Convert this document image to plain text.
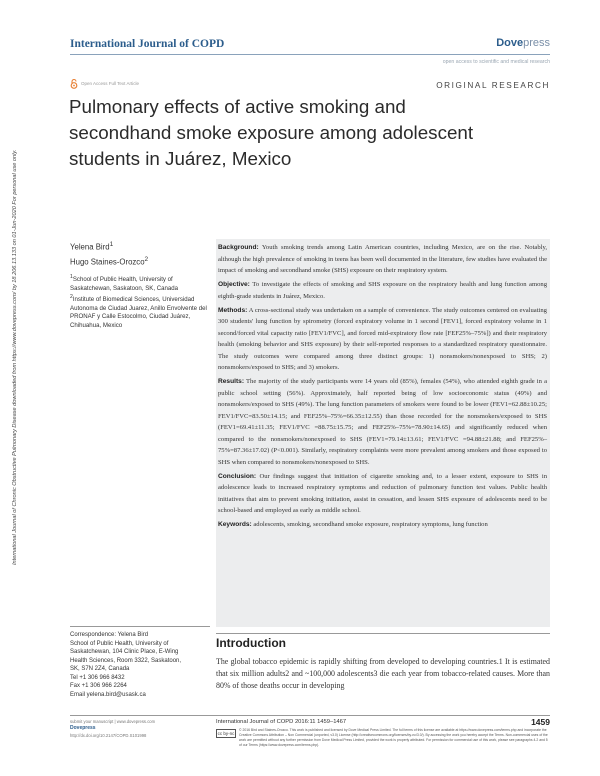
International Journal of COPD	Dovepress
open access to scientific and medical research
Open Access Full Text Article	ORIGINAL RESEARCH
Pulmonary effects of active smoking and secondhand smoke exposure among adolescent students in Juárez, Mexico
International Journal of Chronic Obstructive Pulmonary Disease downloaded from https://www.dovepress.com/ by 18.206.13.133 on 01-Jun-2020 For personal use only.	Yelena Bird$^1$
Hugo Staines-Orozco$^2$
$^1$School of Public Health, University of Saskatchewan, Saskatoon, SK, Canada
$^2$Institute of Biomedical Sciences, Universidad Autonoma de Ciudad Juarez, Anillo Envolvente del PRONAF y Calle Estocolmo, Ciudad Juárez, Chihuahua, Mexico

Background: Youth smoking trends among Latin American countries, including Mexico, are on the rise. Notably, although the high prevalence of smoking in teens has been well documented in the literature, few studies have evaluated the impact of smoking and secondhand smoke (SHS) exposure on their respiratory system.

Objective: To investigate the effects of smoking and SHS exposure on the respiratory health and lung function among eighth-grade students in Juárez, Mexico.

Methods: A cross-sectional study was undertaken on a sample of convenience. The study outcomes centered on evaluating 300 students' lung function by spirometry (forced expiratory volume in 1 second [FEV1], forced expiratory volume in 1 second/forced vital capacity ratio [FEV1/FVC], and forced mid-expiratory flow rate [FEF25%–75%]) and their respiratory health (smoking behavior and SHS exposure) by their self-reported responses to a standardized respiratory questionnaire. The study outcomes were compared among three distinct groups: 1) nonsmokers/nonexposed to SHS; 2) nonsmokers/exposed to SHS; and 3) smokers.

Results: The majority of the study participants were 14 years old (85%), females (54%), who attended eighth grade in a public school setting (56%). Approximately, half reported being of low socioeconomic status (49%) and nonsmokers/exposed to SHS (49%). The lung function parameters of smokers were found to be lower (FEV1=62.88±10.25; FEV1/FVC=83.50±14.15; and FEF25%–75%=66.35±12.55) than those recorded for the nonsmokers/exposed to SHS (FEV1=69.41±11.35; FEV1/FVC =88.75±15.75; and FEF25%–75%=78.90±14.65) and significantly reduced when compared to the nonsmokers/nonexposed to SHS (FEV1=79.14±13.61; FEV1/FVC =94.88±21.88; and FEF25%–75%=87.36±17.02) (P<0.001). Similarly, respiratory complaints were more prevalent among smokers and those exposed to SHS when compared to nonsmokers/nonexposed to SHS.

Conclusion: Our findings suggest that initiation of cigarette smoking and, to a lesser extent, exposure to SHS in adolescence leads to increased respiratory symptoms and reduction of pulmonary function test values. Public health initiatives that aim to prevent smoking initiation, assist in cessation, and lessen SHS exposure of adolescents need to be school-based and employed as early as middle school.

Keywords: adolescents, smoking, secondhand smoke exposure, respiratory symptoms, lung function

Correspondence: Yelena Bird
School of Public Health, University of
Saskatchewan, 104 Clinic Place, E-Wing
Health Sciences, Room 3322, Saskatoon,
SK, S7N 2Z4, Canada
Tel +1 306 966 8432
Fax +1 306 966 2264
Email yelena.bird@usask.ca
Introduction
The global tobacco epidemic is rapidly shifting from developed to developing countries.1 It is estimated that six million adults2 and ~100,000 adolescents3 die each year from tobacco-related causes. More than 80% of those deaths occur in developing
submit your manuscript | www.dovepress.com
Dovepress
http://dx.doi.org/10.2147/COPD.S101998
International Journal of COPD 2016:11 1459–1467	1459
cc by-nc
© 2016 Bird and Staines-Orozco. This work is published and licensed by Dove Medical Press Limited. The full terms of this license are available at https://www.dovepress.com/terms.php and incorporate the Creative Commons Attribution – Non Commercial (unported, v3.0) License (http://creativecommons.org/licenses/by-nc/3.0/). By accessing the work you hereby accept the Terms. Non-commercial uses of the work are permitted without any further permission from Dove Medical Press Limited, provided the work is properly attributed. For permission for commercial use of this work, please see paragraphs 4.2 and 5 of our Terms (https://www.dovepress.com/terms.php).
